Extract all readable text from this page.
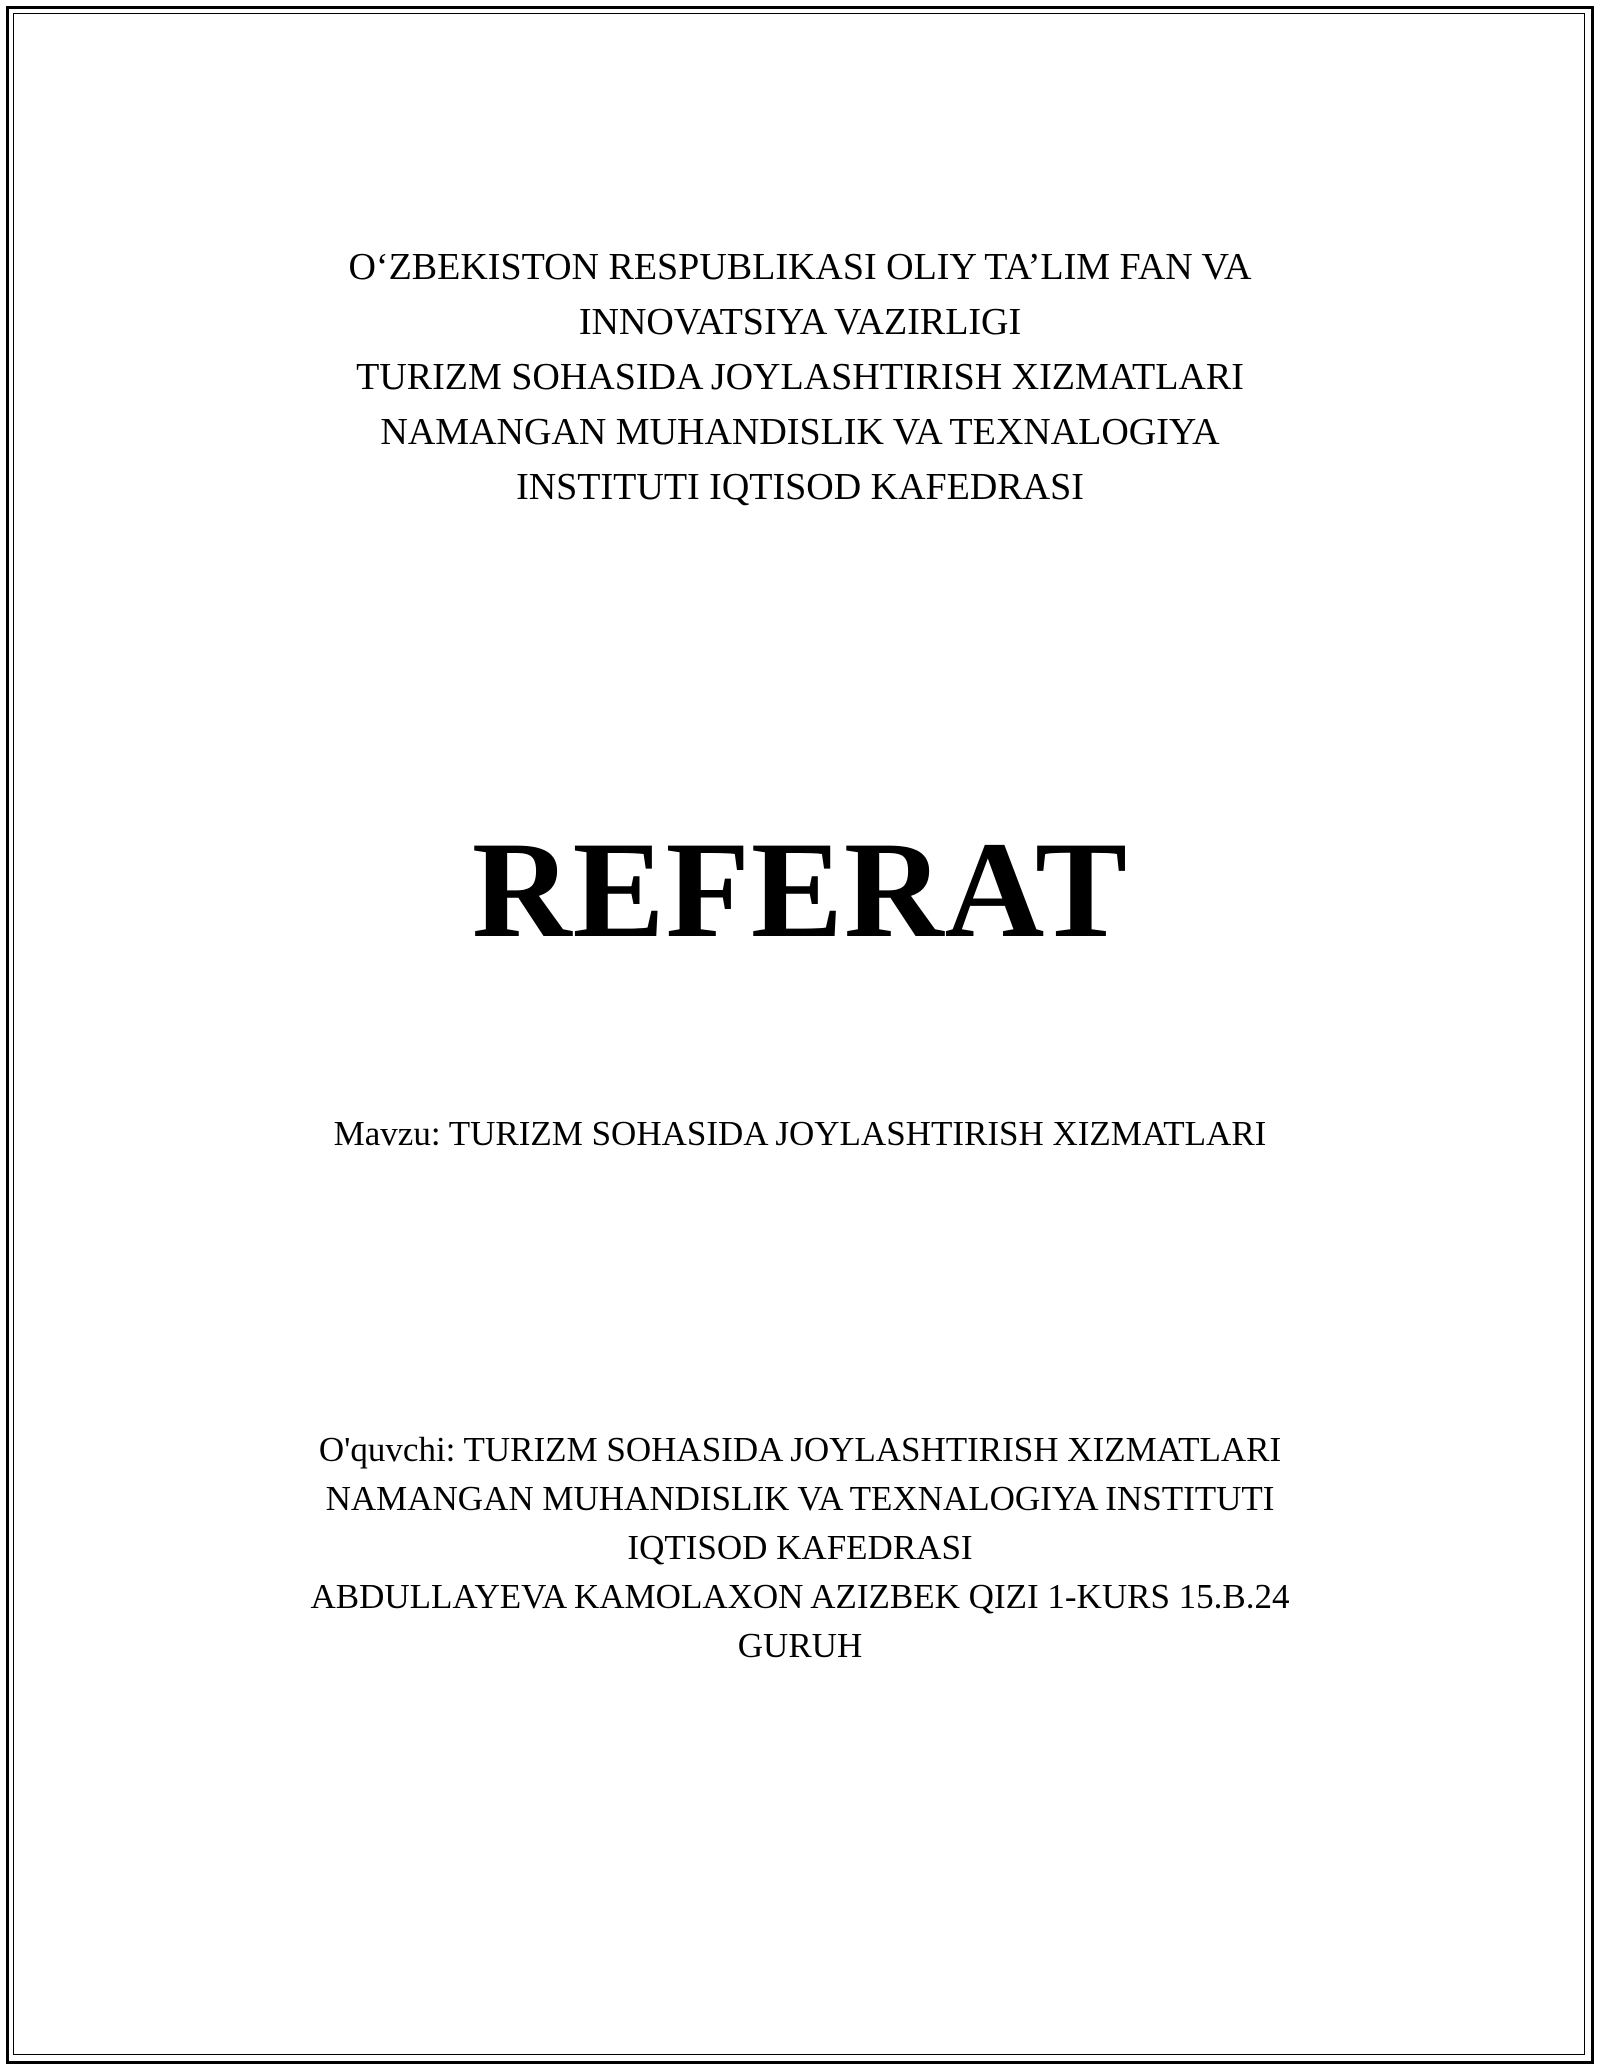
O‘ZBEKISTON RESPUBLIKASI OLIY TA’LIM FAN VA
INNOVATSIYA VAZIRLIGI
TURIZM SOHASIDA JOYLASHTIRISH XIZMATLARI
NAMANGAN MUHANDISLIK VA TEXNALOGIYA
INSTITUTI IQTISOD KAFEDRASI
REFERAT
Mavzu: TURIZM SOHASIDA JOYLASHTIRISH XIZMATLARI
O'quvchi: TURIZM SOHASIDA JOYLASHTIRISH XIZMATLARI
NAMANGAN MUHANDISLIK VA TEXNALOGIYA INSTITUTI
IQTISOD KAFEDRASI
ABDULLAYEVA KAMOLAXON AZIZBEK QIZI 1-KURS 15.B.24
GURUH
